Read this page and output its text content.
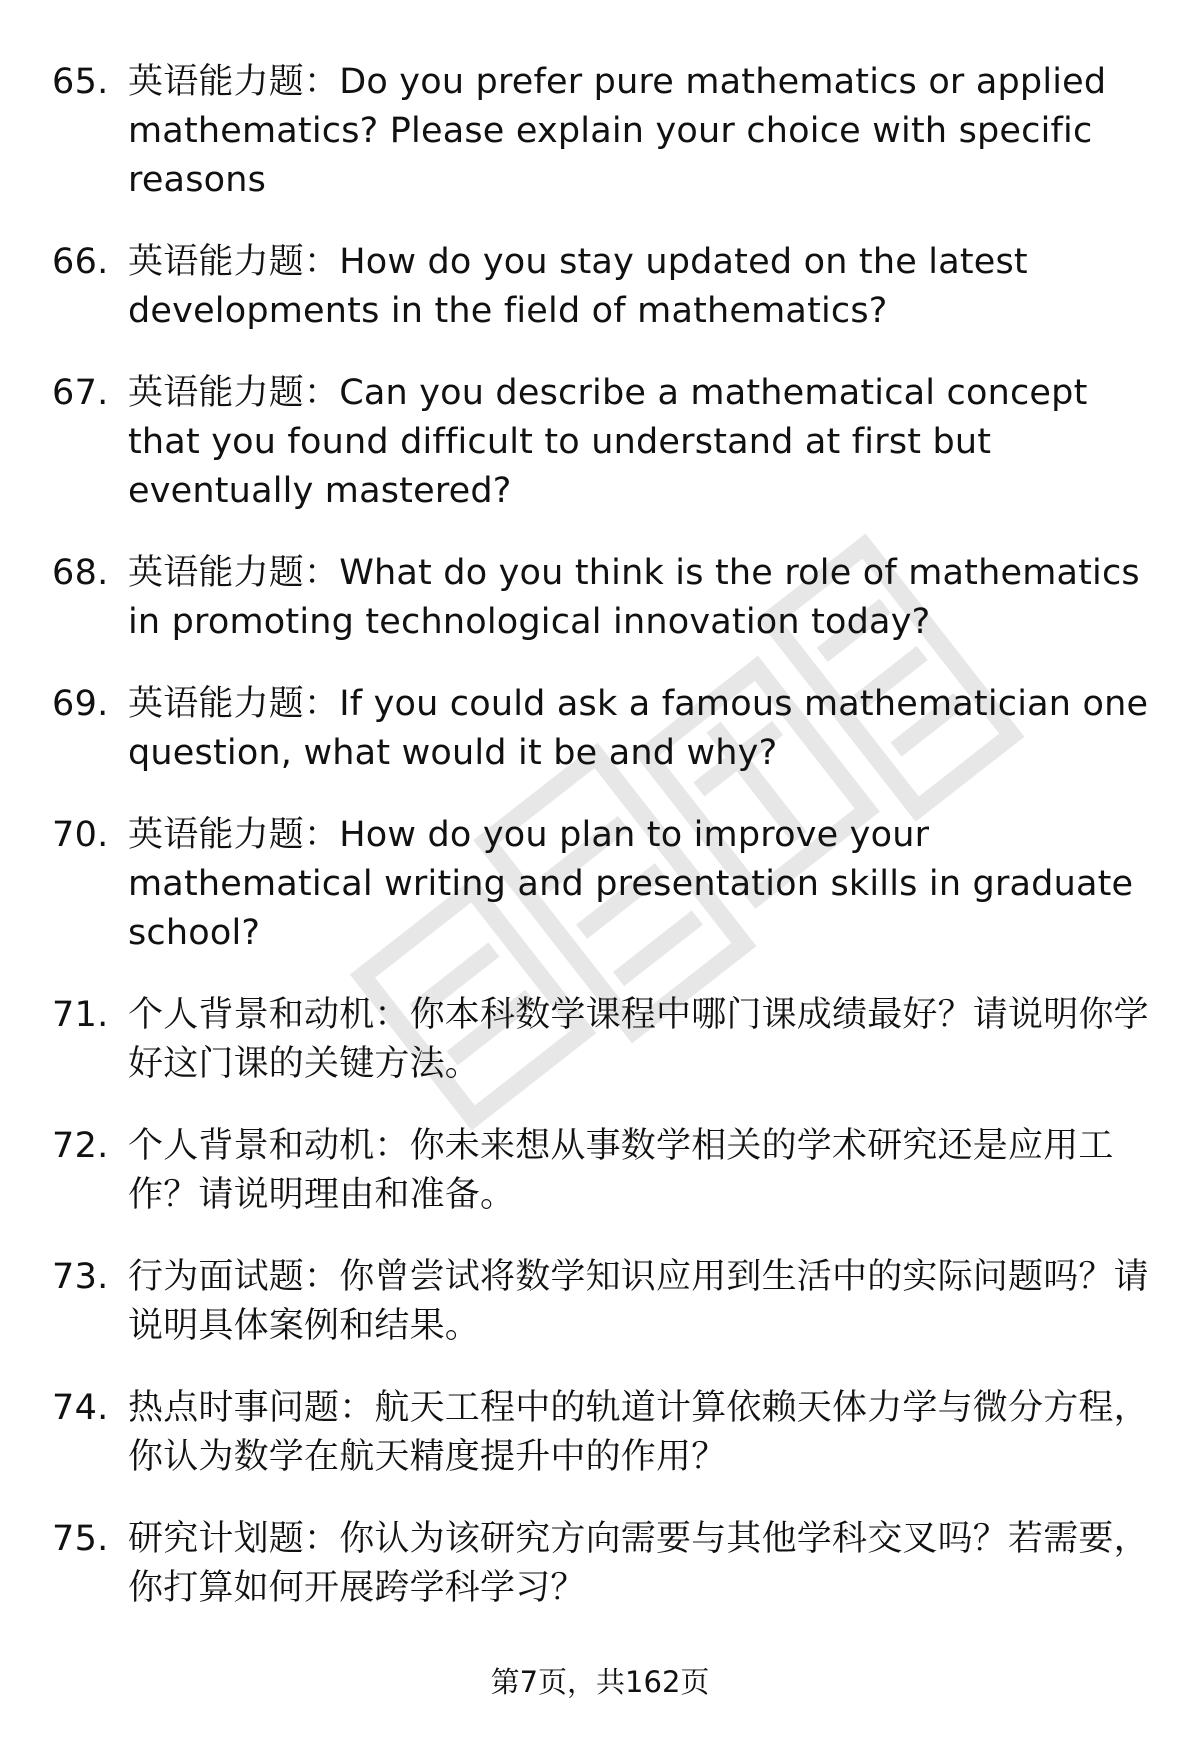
65. 英语能力题：Do you prefer pure mathematics or applied mathematics? Please explain your choice with specific reasons
66. 英语能力题：How do you stay updated on the latest developments in the field of mathematics?
67. 英语能力题：Can you describe a mathematical concept that you found difficult to understand at first but eventually mastered?
68. 英语能力题：What do you think is the role of mathematics in promoting technological innovation today?
69. 英语能力题：If you could ask a famous mathematician one question, what would it be and why?
70. 英语能力题：How do you plan to improve your mathematical writing and presentation skills in graduate school?
71. 个人背景和动机：你本科数学课程中哪门课成绩最好？请说明你学好这门课的关键方法。
72. 个人背景和动机：你未来想从事数学相关的学术研究还是应用工作？请说明理由和准备。
73. 行为面试题：你曾尝试将数学知识应用到生活中的实际问题吗？请说明具体案例和结果。
74. 热点时事问题：航天工程中的轨道计算依赖天体力学与微分方程，你认为数学在航天精度提升中的作用？
75. 研究计划题：你认为该研究方向需要与其他学科交叉吗？若需要，你打算如何开展跨学科学习？
第7页，共162页
